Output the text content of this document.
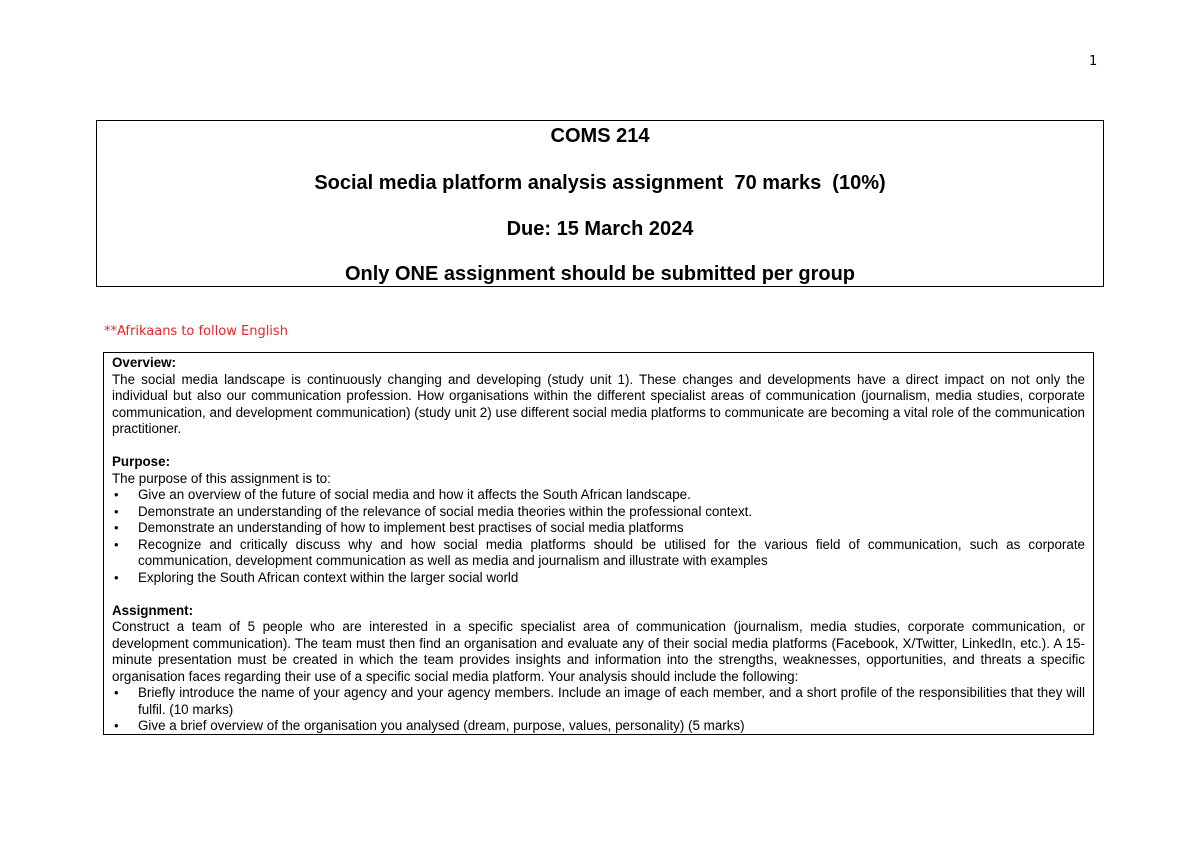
1
COMS 214
Social media platform analysis assignment  70 marks  (10%)
Due: 15 March 2024
Only ONE assignment should be submitted per group
**Afrikaans to follow English
Overview:
The social media landscape is continuously changing and developing (study unit 1). These changes and developments have a direct impact on not only the individual but also our communication profession. How organisations within the different specialist areas of communication (journalism, media studies, corporate communication, and development communication) (study unit 2) use different social media platforms to communicate are becoming a vital role of the communication practitioner.
Purpose:
The purpose of this assignment is to:
• Give an overview of the future of social media and how it affects the South African landscape.
• Demonstrate an understanding of the relevance of social media theories within the professional context.
• Demonstrate an understanding of how to implement best practises of social media platforms
• Recognize and critically discuss why and how social media platforms should be utilised for the various field of communication, such as corporate communication, development communication as well as media and journalism and illustrate with examples
• Exploring the South African context within the larger social world
Assignment:
Construct a team of 5 people who are interested in a specific specialist area of communication (journalism, media studies, corporate communication, or development communication). The team must then find an organisation and evaluate any of their social media platforms (Facebook, X/Twitter, LinkedIn, etc.). A 15-minute presentation must be created in which the team provides insights and information into the strengths, weaknesses, opportunities, and threats a specific organisation faces regarding their use of a specific social media platform. Your analysis should include the following:
• Briefly introduce the name of your agency and your agency members. Include an image of each member, and a short profile of the responsibilities that they will fulfil. (10 marks)
• Give a brief overview of the organisation you analysed (dream, purpose, values, personality) (5 marks)
